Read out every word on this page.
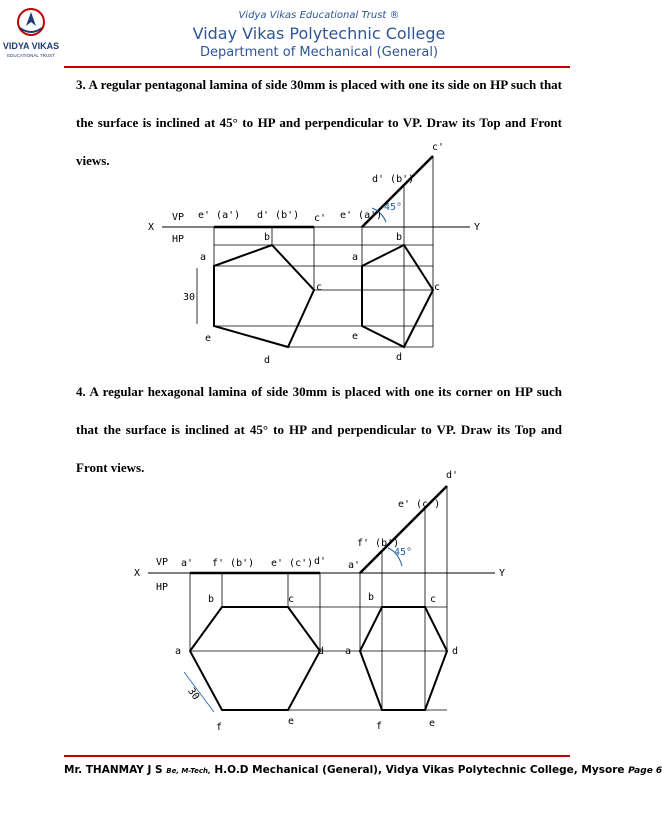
VIDYA VIKAS
EDUCATIONAL TRUST
Vidya Vikas Educational Trust ®
Viday Vikas Polytechnic College
Department of Mechanical (General)
3. A regular pentagonal lamina of side 30mm is placed with one its side on HP such that the surface is inclined at 45° to HP and perpendicular to VP. Draw its Top and Front views.
X	Y
VP
HP
e' (a') d' (b') c' e' (a')
d' (b')
c'
45°
a
b
c
d
e
a
b
c
d
e
30
4. A regular hexagonal lamina of side 30mm is placed with one its corner on HP such that the surface is inclined at 45° to HP and perpendicular to VP. Draw its Top and Front views.
X	Y
VP
HP
a' f' (b') e' (c') d' a'
f' (b')
e' (c')
d'
45°
a
b	c
d
e
f
a
b	c
d
e
f
30
Mr. THANMAY J S Be, M-Tech, H.O.D Mechanical (General), Vidya Vikas Polytechnic College, Mysore Page 6
